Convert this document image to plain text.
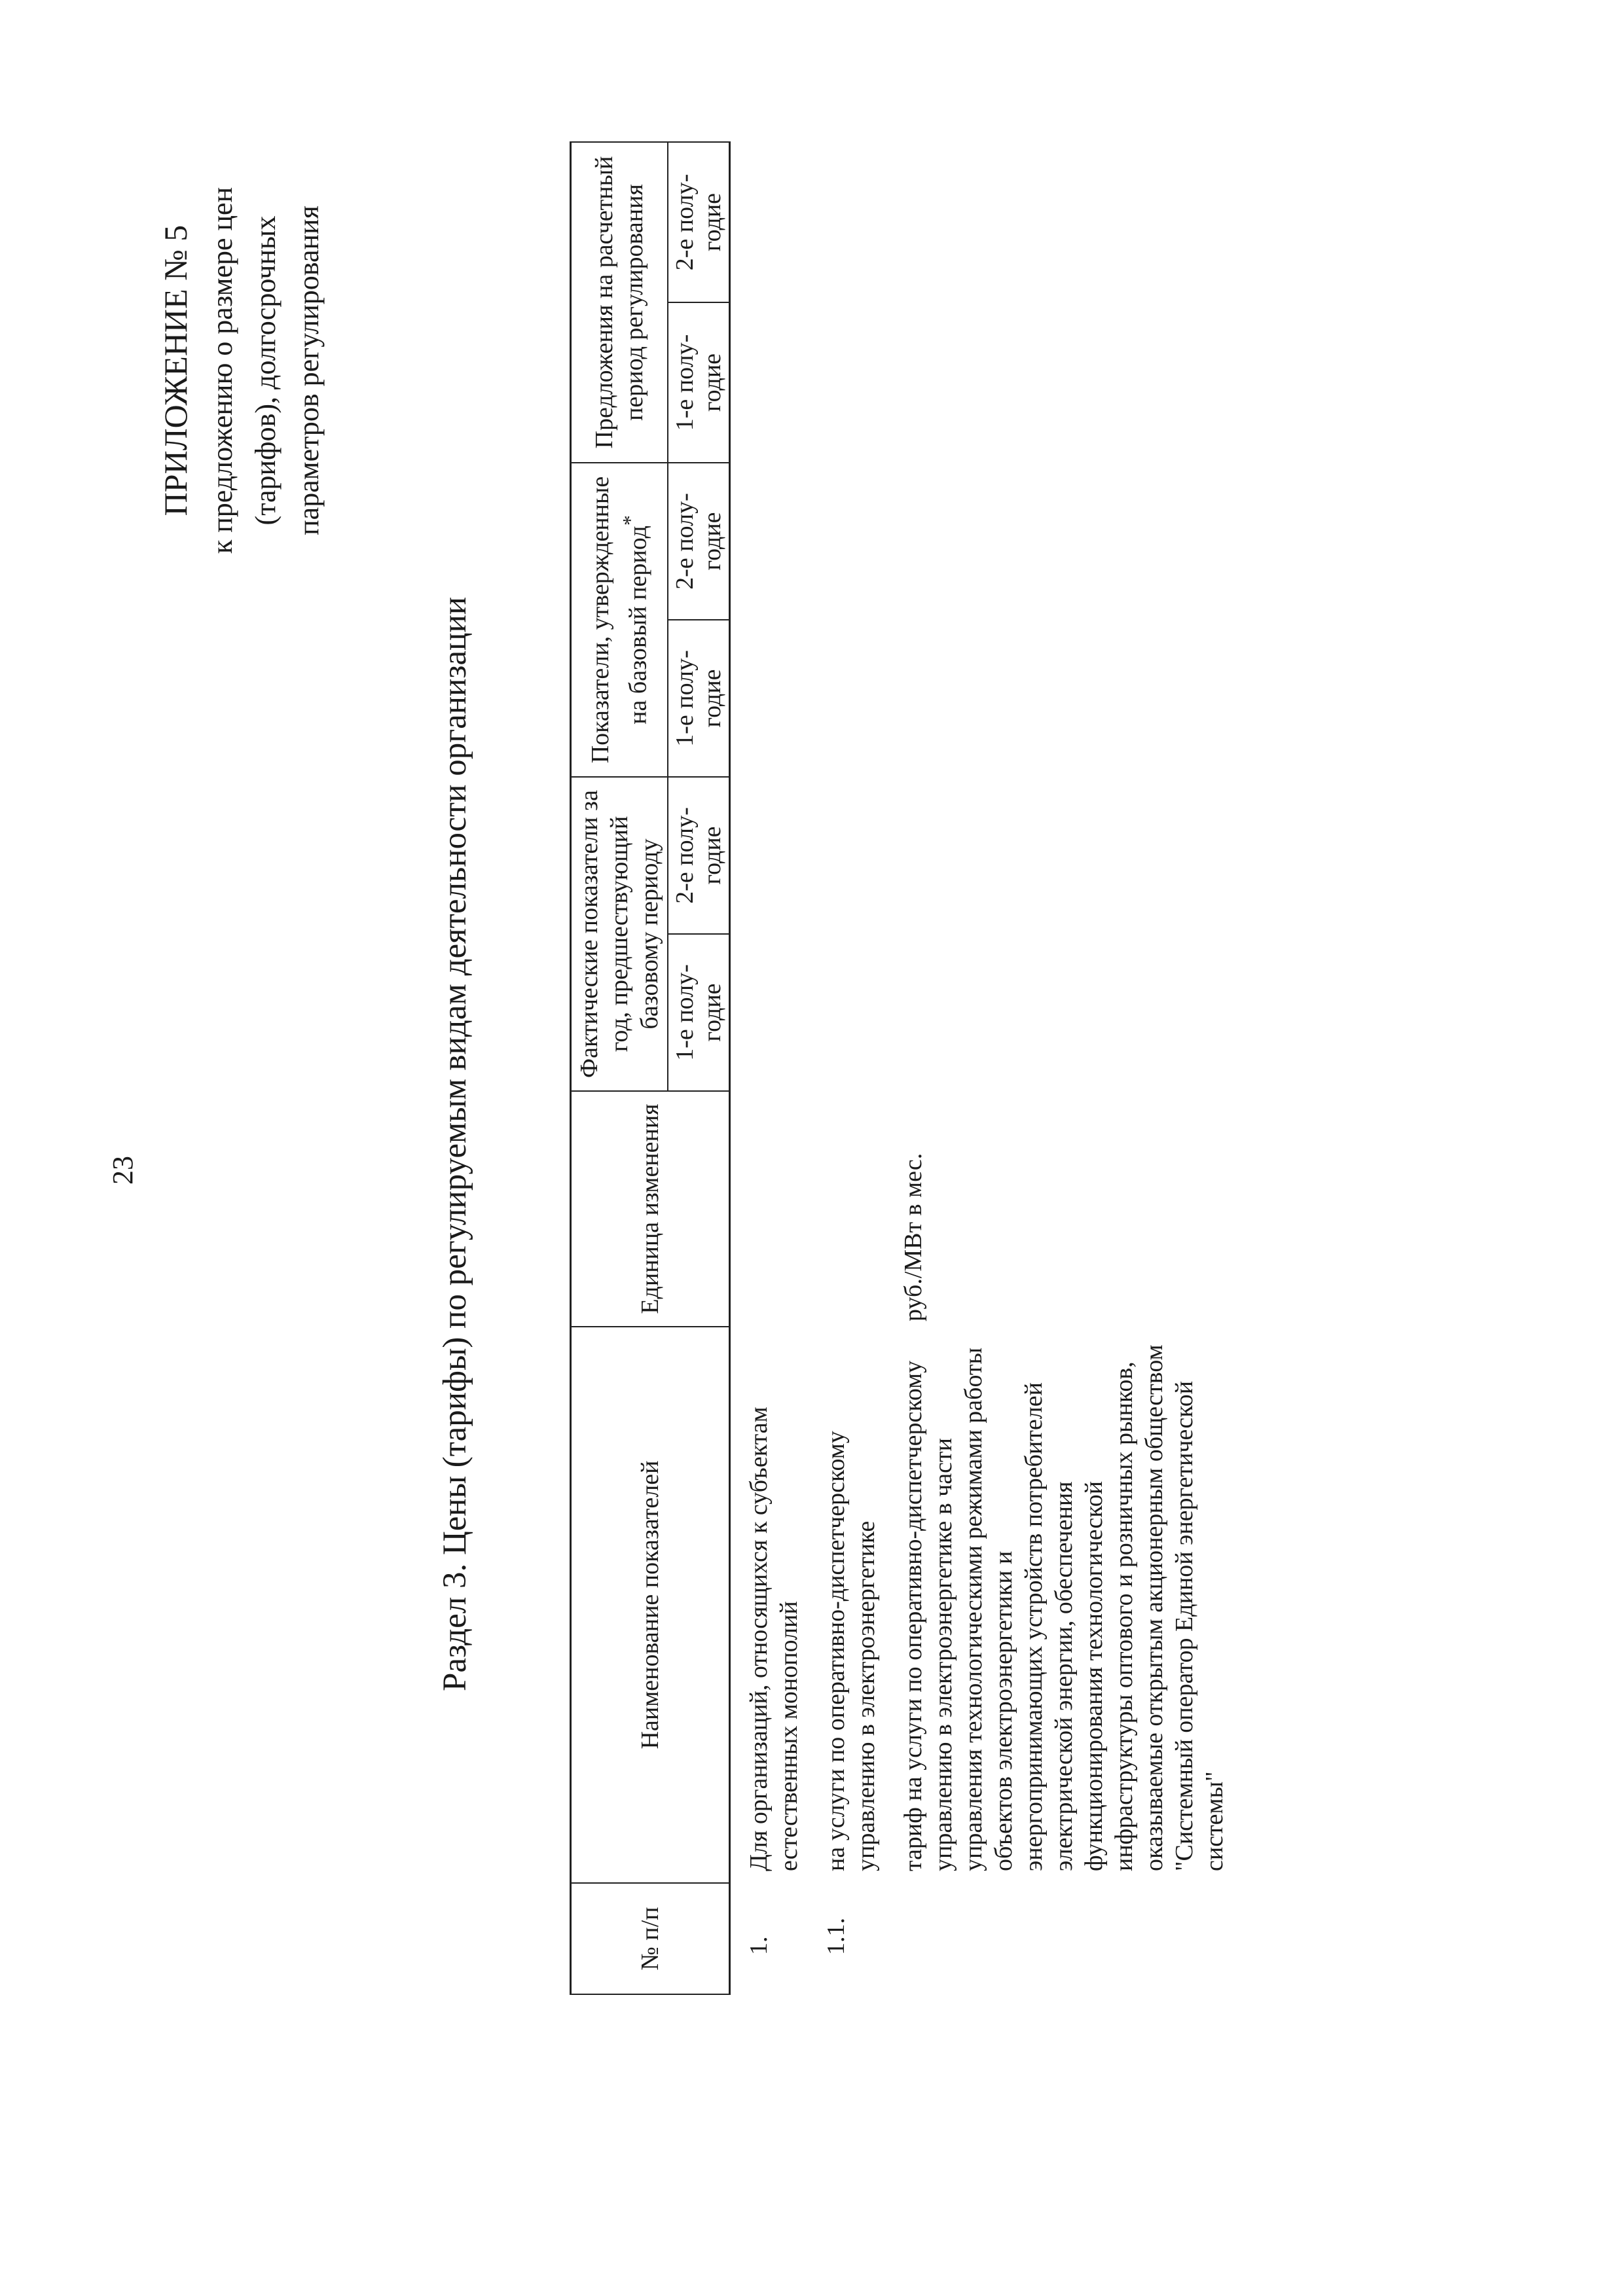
23
ПРИЛОЖЕНИЕ № 5 к предложению о размере цен (тарифов), долгосрочных параметров регулирования
Раздел 3. Цены (тарифы) по регулируемым видам деятельности организации
№ п/п	Наименование показателей	Единица изменения	Фактические показатели за год, предшествующий базовому периоду		Показатели, утвержденные на базовый период*		Предложения на расчетный период регулирования	
			1-е полу- годие	2-е полу- годие	1-е полу- годие	2-е полу- годие	1-е полу- годие	2-е полу- годие
1.	Для организаций, относящихся к субъектам естественных монополий							
1.1.	на услуги по оперативно-диспетчерскому управлению в электроэнергетике							
	тариф на услуги по оперативно-диспетчерскому управлению в электроэнергетике в части управления технологическими режимами работы объектов электроэнергетики и энергопринимающих устройств потребителей электрической энергии, обеспечения функционирования технологической инфраструктуры оптового и розничных рынков, оказываемые открытым акционерным обществом "Системный оператор Единой энергетической системы"	руб./МВт в мес.						
